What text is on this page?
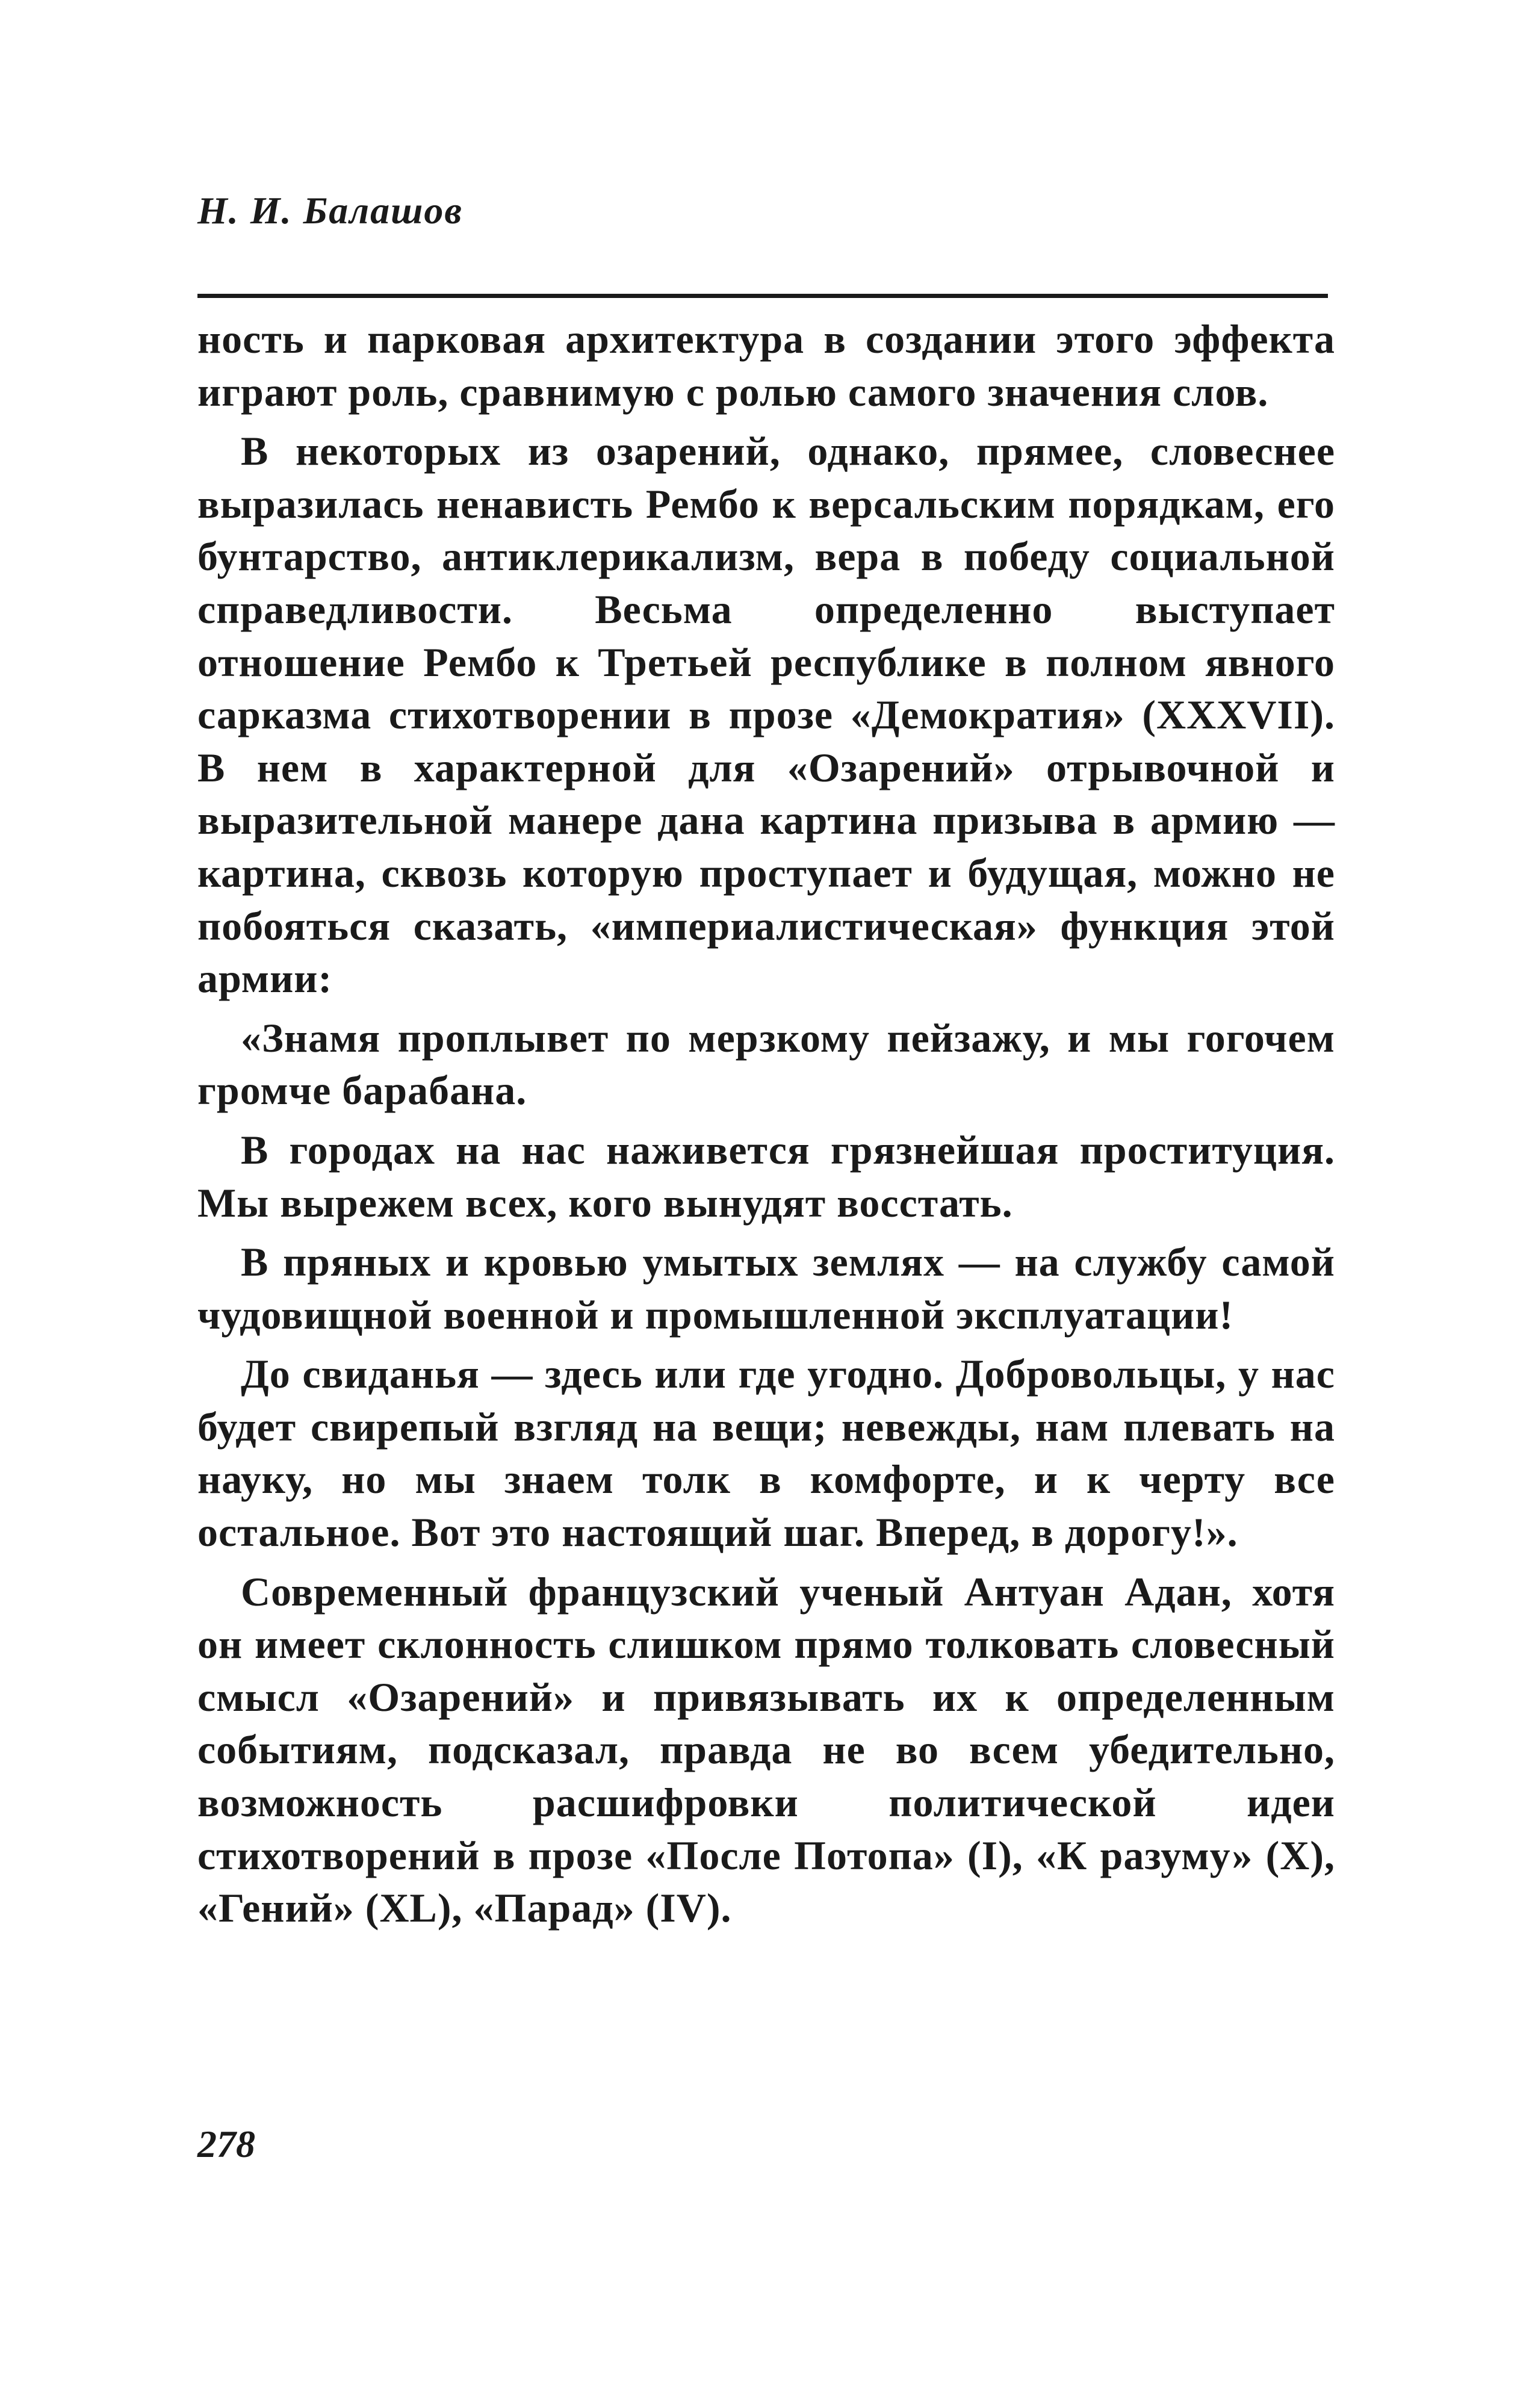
Н. И. Балашов

ность и парковая архитектура в создании этого эффекта играют роль, сравнимую с ролью самого значения слов.

В некоторых из озарений, однако, прямее, словеснее выразилась ненависть Рембо к версальским порядкам, его бунтарство, антиклерикализм, вера в победу социальной справедливости. Весьма определенно выступает отношение Рембо к Третьей республике в полном явного сарказма стихотворении в прозе «Демократия» (XXXVII). В нем в характерной для «Озарений» отрывочной и выразительной манере дана картина призыва в армию — картина, сквозь которую проступает и будущая, можно не побояться сказать, «империалистическая» функция этой армии:

«Знамя проплывет по мерзкому пейзажу, и мы гогочем громче барабана.

В городах на нас наживется грязнейшая проституция. Мы вырежем всех, кого вынудят восстать.

В пряных и кровью умытых землях — на службу самой чудовищной военной и промышленной эксплуатации!

До свиданья — здесь или где угодно. Добровольцы, у нас будет свирепый взгляд на вещи; невежды, нам плевать на науку, но мы знаем толк в комфорте, и к черту все остальное. Вот это настоящий шаг. Вперед, в дорогу!».

Современный французский ученый Антуан Адан, хотя он имеет склонность слишком прямо толковать словесный смысл «Озарений» и привязывать их к определенным событиям, подсказал, правда не во всем убедительно, возможность расшифровки политической идеи стихотворений в прозе «После Потопа» (I), «К разуму» (X), «Гений» (XL), «Парад» (IV).

278
